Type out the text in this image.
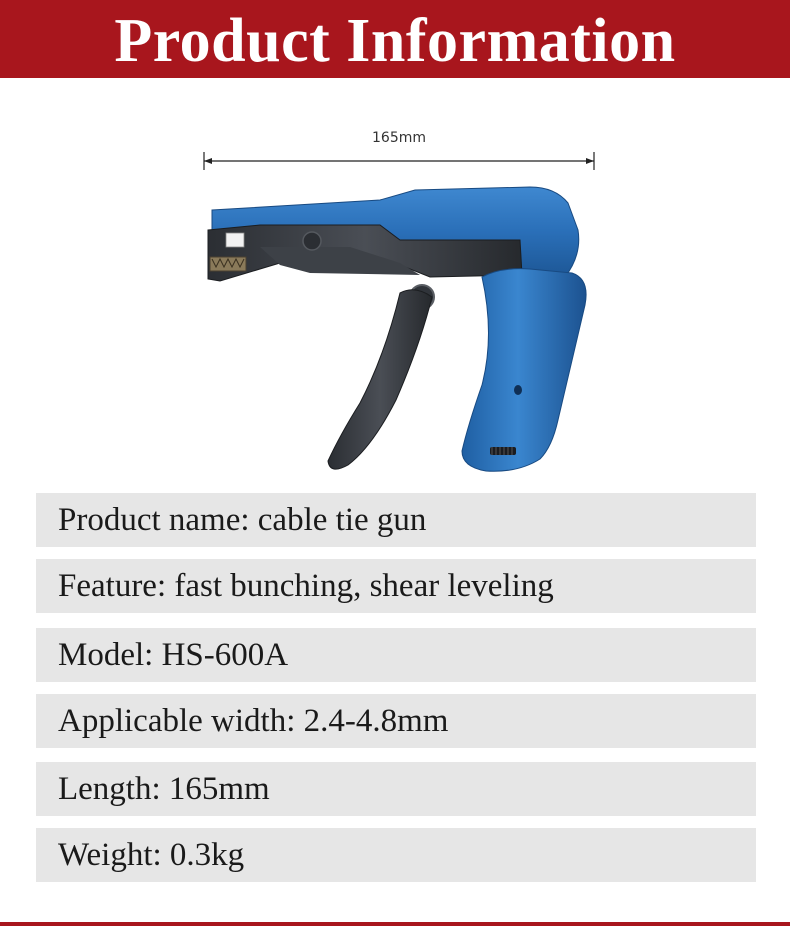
Product Information
165mm
Product name: cable tie gun
Feature: fast bunching, shear leveling
Model: HS-600A
Applicable width: 2.4-4.8mm
Length: 165mm
Weight: 0.3kg
